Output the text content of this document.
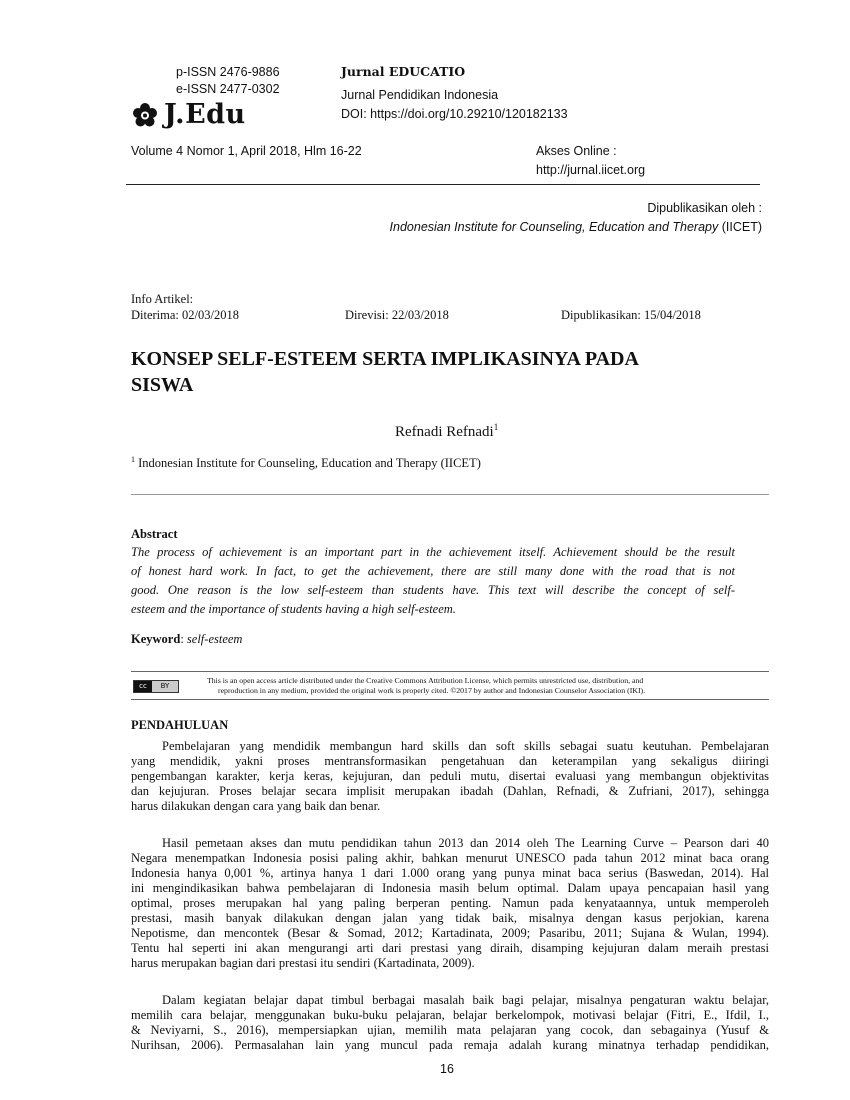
p-ISSN 2476-9886
e-ISSN 2477-0302
J.Edu
Jurnal EDUCATIO
Jurnal Pendidikan Indonesia
DOI: https://doi.org/10.29210/120182133
Volume 4 Nomor 1, April 2018, Hlm 16-22	Akses Online :
http://jurnal.iicet.org
Dipublikasikan oleh :
Indonesian Institute for Counseling, Education and Therapy (IICET)
Info Artikel:
Diterima: 02/03/2018	Direvisi: 22/03/2018	Dipublikasikan: 15/04/2018
KONSEP SELF-ESTEEM SERTA IMPLIKASINYA PADA
SISWA
Refnadi Refnadi$^1$
$^1$ Indonesian Institute for Counseling, Education and Therapy (IICET)
Abstract
The process of achievement is an important part in the achievement itself. Achievement should be the result
of honest hard work. In fact, to get the achievement, there are still many done with the road that is not
good. One reason is the low self-esteem than students have. This text will describe the concept of self-
esteem and the importance of students having a high self-esteem.
Keyword: self-esteem
cc	BY
This is an open access article distributed under the Creative Commons Attribution License, which permits unrestricted use, distribution, and
reproduction in any medium, provided the original work is properly cited. ©2017 by author and Indonesian Counselor Association (IKI).
PENDAHULUAN
Pembelajaran yang mendidik membangun hard skills dan soft skills sebagai suatu keutuhan. Pembelajaran
yang mendidik, yakni proses mentransformasikan pengetahuan dan keterampilan yang sekaligus diiringi
pengembangan karakter, kerja keras, kejujuran, dan peduli mutu, disertai evaluasi yang membangun objektivitas
dan kejujuran. Proses belajar secara implisit merupakan ibadah (Dahlan, Refnadi, & Zufriani, 2017), sehingga
harus dilakukan dengan cara yang baik dan benar.
Hasil pemetaan akses dan mutu pendidikan tahun 2013 dan 2014 oleh The Learning Curve – Pearson dari 40
Negara menempatkan Indonesia posisi paling akhir, bahkan menurut UNESCO pada tahun 2012 minat baca orang
Indonesia hanya 0,001 %, artinya hanya 1 dari 1.000 orang yang punya minat baca serius (Baswedan, 2014). Hal
ini mengindikasikan bahwa pembelajaran di Indonesia masih belum optimal. Dalam upaya pencapaian hasil yang
optimal, proses merupakan hal yang paling berperan penting. Namun pada kenyataannya, untuk memperoleh
prestasi, masih banyak dilakukan dengan jalan yang tidak baik, misalnya dengan kasus perjokian, karena
Nepotisme, dan mencontek (Besar & Somad, 2012; Kartadinata, 2009; Pasaribu, 2011; Sujana & Wulan, 1994).
Tentu hal seperti ini akan mengurangi arti dari prestasi yang diraih, disamping kejujuran dalam meraih prestasi
harus merupakan bagian dari prestasi itu sendiri (Kartadinata, 2009).
Dalam kegiatan belajar dapat timbul berbagai masalah baik bagi pelajar, misalnya pengaturan waktu belajar,
memilih cara belajar, menggunakan buku-buku pelajaran, belajar berkelompok, motivasi belajar (Fitri, E., Ifdil, I.,
& Neviyarni, S., 2016), mempersiapkan ujian, memilih mata pelajaran yang cocok, dan sebagainya (Yusuf &
Nurihsan, 2006). Permasalahan lain yang muncul pada remaja adalah kurang minatnya terhadap pendidikan,
16
